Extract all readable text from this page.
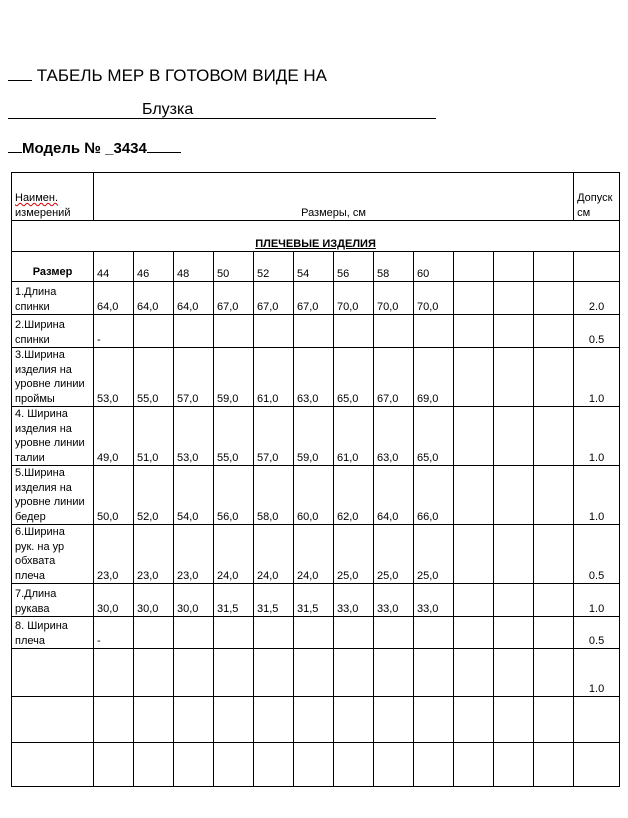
ТАБЕЛЬ МЕР В ГОТОВОМ ВИДЕ НА
Блузка
Модель № _3434
Наимен.
измерений	Размеры, см												Допуск
см
ПЛЕЧЕВЫЕ ИЗДЕЛИЯ													

Размер	44	46	48	50	52	54	56	58	60				
1.Длина
спинки	64,0	64,0	64,0	67,0	67,0	67,0	70,0	70,0	70,0				2.0
2.Ширина
спинки	-												0.5
3.Ширина
изделия на
уровне линии
проймы	53,0	55,0	57,0	59,0	61,0	63,0	65,0	67,0	69,0				1.0
4. Ширина
изделия на
уровне линии
талии	49,0	51,0	53,0	55,0	57,0	59,0	61,0	63,0	65,0				1.0
5.Ширина
изделия на
уровне линии
бедер	50,0	52,0	54,0	56,0	58,0	60,0	62,0	64,0	66,0				1.0
6.Ширина
рук. на ур
обхвата
плеча	23,0	23,0	23,0	24,0	24,0	24,0	25,0	25,0	25,0				0.5
7.Длина
рукава	30,0	30,0	30,0	31,5	31,5	31,5	33,0	33,0	33,0				1.0
8. Ширина
плеча	-												0.5
													1.0
